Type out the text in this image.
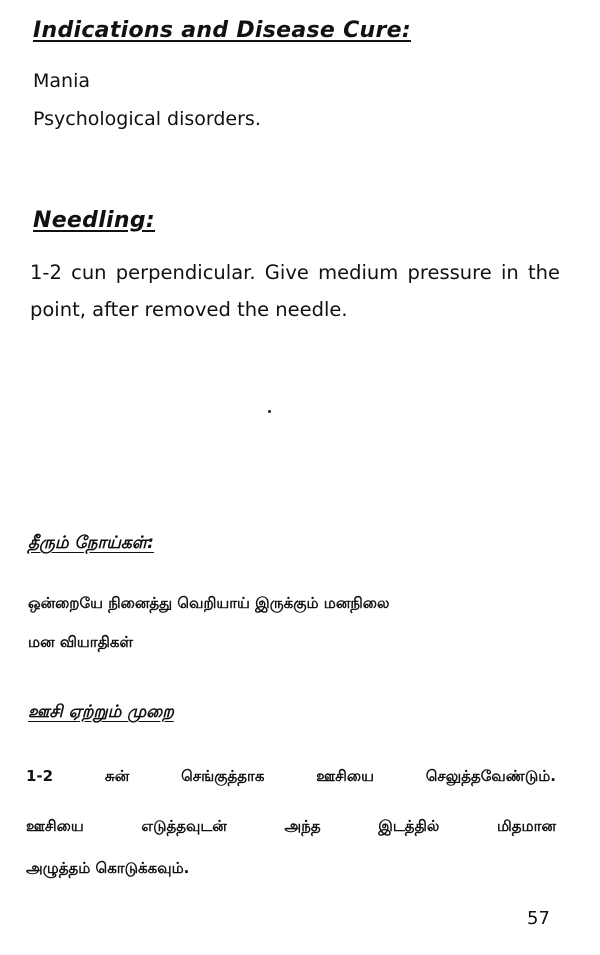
Indications and Disease Cure:

Mania

Psychological disorders.

Needling:

1-2 cun perpendicular. Give medium pressure in the point, after removed the needle.

தீரும் நோய்கள்:

ஒன்றையே நினைத்து வெறியாய் இருக்கும் மனநிலை

மன வியாதிகள்

ஊசி ஏற்றும் முறை
1-2 சுன் செங்குத்தாக ஊசியை செலுத்தவேண்டும்.
ஊசியை எடுத்தவுடன் அந்த இடத்தில் மிதமான
அழுத்தம் கொடுக்கவும்.

57
